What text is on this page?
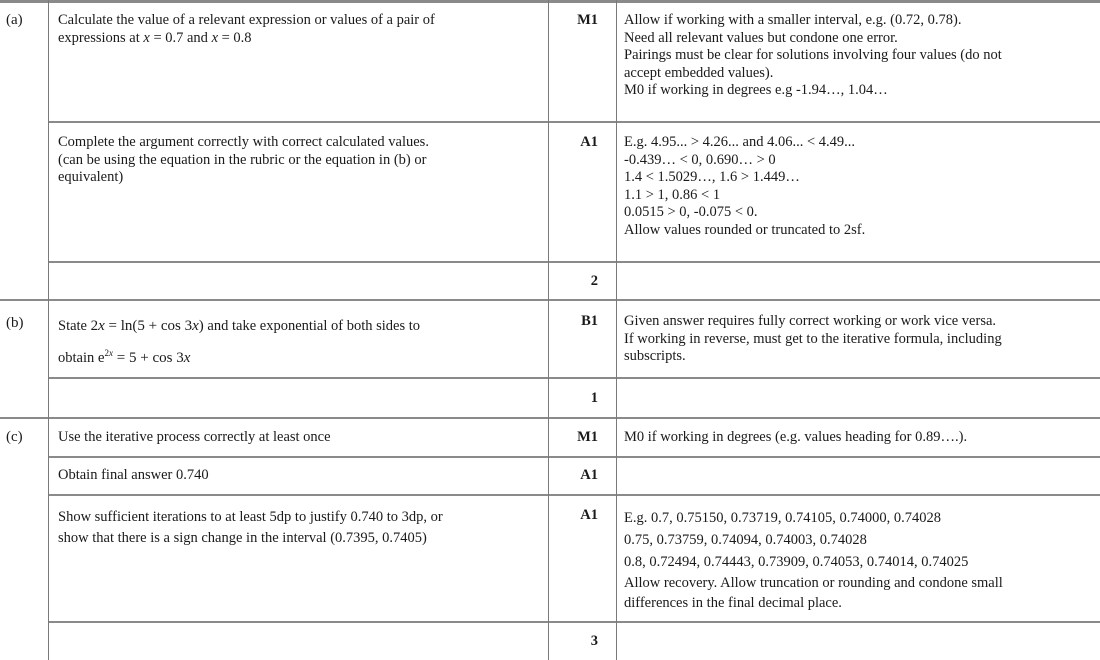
(a) Calculate the value of a relevant expression or values of a pair of
expressions at x = 0.7 and x = 0.8
M1 Allow if working with a smaller interval, e.g. (0.72, 0.78).
Need all relevant values but condone one error.
Pairings must be clear for solutions involving four values (do not
accept embedded values).
M0 if working in degrees e.g -1.94…, 1.04…
Complete the argument correctly with correct calculated values.
(can be using the equation in the rubric or the equation in (b) or
equivalent)
A1 E.g. 4.95... > 4.26... and 4.06... < 4.49...
-0.439… < 0, 0.690… > 0
1.4 < 1.5029…, 1.6 > 1.449…
1.1 > 1, 0.86 < 1
0.0515 > 0, -0.075 < 0.
Allow values rounded or truncated to 2sf.
2
(b) State 2x = ln(5 + cos 3x) and take exponential of both sides to
obtain $e^{2x} = 5 + \cos 3x$
B1 Given answer requires fully correct working or work vice versa.
If working in reverse, must get to the iterative formula, including
subscripts.
1
(c) Use the iterative process correctly at least once	M1 M0 if working in degrees (e.g. values heading for 0.89….).
Obtain final answer 0.740	A1
Show sufficient iterations to at least 5dp to justify 0.740 to 3dp, or
show that there is a sign change in the interval (0.7395, 0.7405)
A1 E.g. 0.7, 0.75150, 0.73719, 0.74105, 0.74000, 0.74028
0.75, 0.73759, 0.74094, 0.74003, 0.74028
0.8, 0.72494, 0.74443, 0.73909, 0.74053, 0.74014, 0.74025
Allow recovery. Allow truncation or rounding and condone small
differences in the final decimal place.
3
